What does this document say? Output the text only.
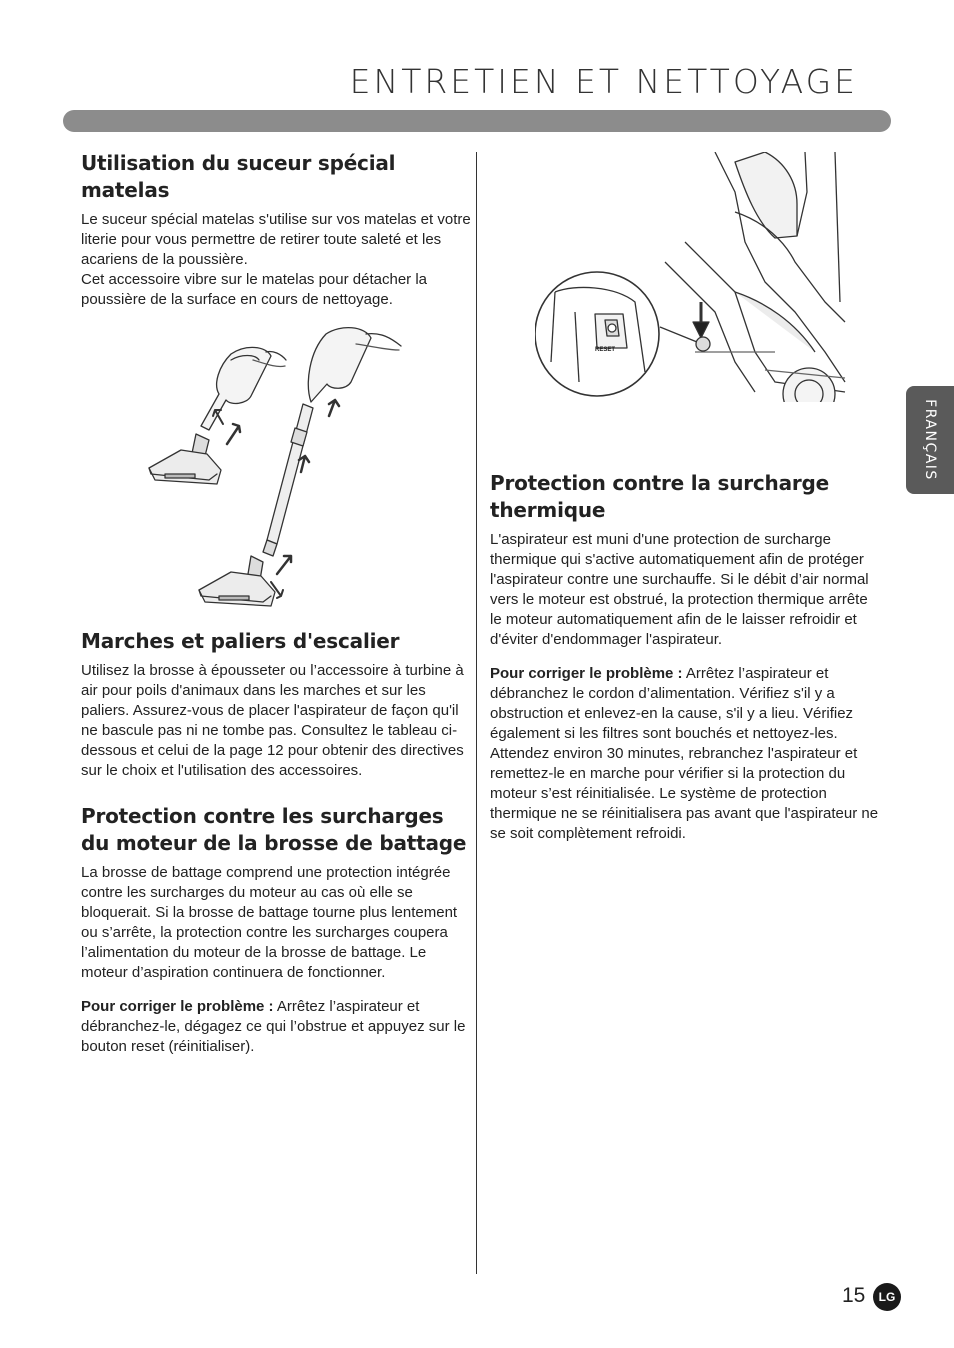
ENTRETIEN ET NETTOYAGE
Utilisation du suceur spécial matelas

Le suceur spécial matelas s'utilise sur vos matelas et votre literie pour vous permettre de retirer toute saleté et les acariens de la poussière.

Cet accessoire vibre sur le matelas pour détacher la poussière de la surface en cours de nettoyage.

Marches et paliers d'escalier

Utilisez la brosse à épousseter ou l’accessoire à turbine à air pour poils d'animaux dans les marches et sur les paliers. Assurez-vous de placer l'aspirateur de façon qu'il ne bascule pas ni ne tombe pas. Consultez le tableau ci-dessous et celui de la page 12 pour obtenir des directives sur le choix et l'utilisation des accessoires.

Protection contre les surcharges du moteur de la brosse de battage

La brosse de battage comprend une protection intégrée contre les surcharges du moteur au cas où elle se bloquerait. Si la brosse de battage tourne plus lentement ou s’arrête, la protection contre les surcharges coupera l’alimentation du moteur de la brosse de battage. Le moteur d’aspiration continuera de fonctionner.

Pour corriger le problème : Arrêtez l’aspirateur et débranchez-le, dégagez ce qui l’obstrue et appuyez sur le bouton reset (réinitialiser).

RESET
Protection contre la surcharge thermique

L'aspirateur est muni d'une protection de surcharge thermique qui s'active automatiquement afin de protéger l'aspirateur contre une surchauffe. Si le débit d’air normal vers le moteur est obstrué, la protection thermique arrête le moteur automatiquement afin de le laisser refroidir et d'éviter d'endommager l'aspirateur.

Pour corriger le problème : Arrêtez l’aspirateur et débranchez le cordon d’alimentation. Vérifiez s'il y a obstruction et enlevez-en la cause, s'il y a lieu. Vérifiez également si les filtres sont bouchés et nettoyez-les. Attendez environ 30 minutes, rebranchez l'aspirateur et remettez-le en marche pour vérifier si la protection du moteur s’est réinitialisée. Le système de protection thermique ne se réinitialisera pas avant que l'aspirateur ne se soit complètement refroidi.

FRANÇAIS
15	LG
